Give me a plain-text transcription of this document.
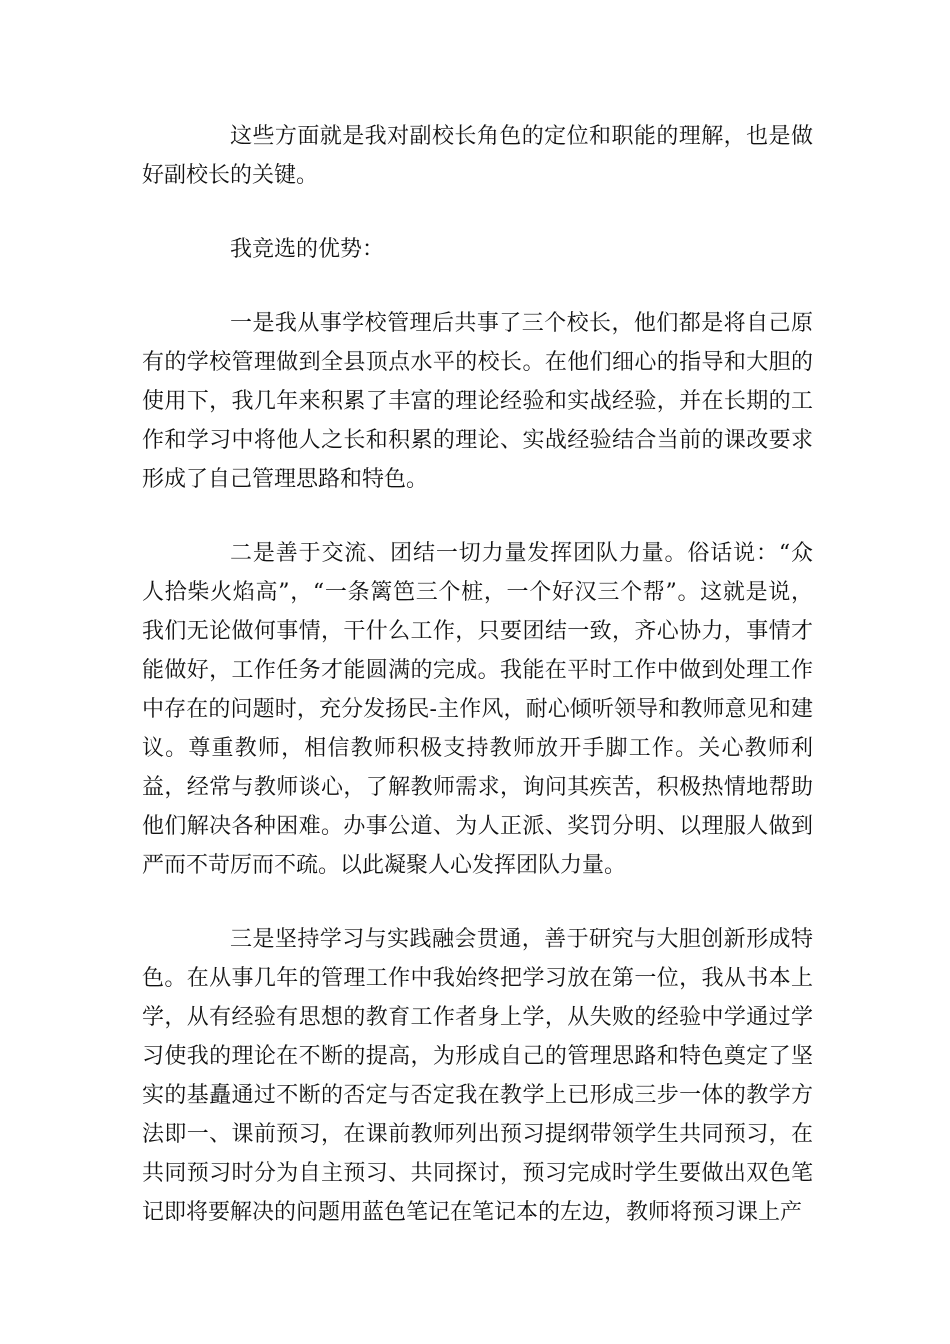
这些方面就是我对副校长角色的定位和职能的理解，也是做好副校长的关键。

我竞选的优势：

一是我从事学校管理后共事了三个校长，他们都是将自己原有的学校管理做到全县顶点水平的校长。在他们细心的指导和大胆的使用下，我几年来积累了丰富的理论经验和实战经验，并在长期的工作和学习中将他人之长和积累的理论、实战经验结合当前的课改要求形成了自己管理思路和特色。

二是善于交流、团结一切力量发挥团队力量。俗话说：“众人拾柴火焰高”，“一条篱笆三个桩，一个好汉三个帮”。这就是说，我们无论做何事情，干什么工作，只要团结一致，齐心协力，事情才能做好，工作任务才能圆满的完成。我能在平时工作中做到处理工作中存在的问题时，充分发扬民-主作风，耐心倾听领导和教师意见和建议。尊重教师，相信教师积极支持教师放开手脚工作。关心教师利益，经常与教师谈心，了解教师需求，询问其疾苦，积极热情地帮助他们解决各种困难。办事公道、为人正派、奖罚分明、以理服人做到严而不苛厉而不疏。以此凝聚人心发挥团队力量。

三是坚持学习与实践融会贯通，善于研究与大胆创新形成特色。在从事几年的管理工作中我始终把学习放在第一位，我从书本上学，从有经验有思想的教育工作者身上学，从失败的经验中学通过学习使我的理论在不断的提高，为形成自己的管理思路和特色奠定了坚实的基矗通过不断的否定与否定我在教学上已形成三步一体的教学方法即一、课前预习，在课前教师列出预习提纲带领学生共同预习，在共同预习时分为自主预习、共同探讨，预习完成时学生要做出双色笔记即将要解决的问题用蓝色笔记在笔记本的左边，教师将预习课上产
